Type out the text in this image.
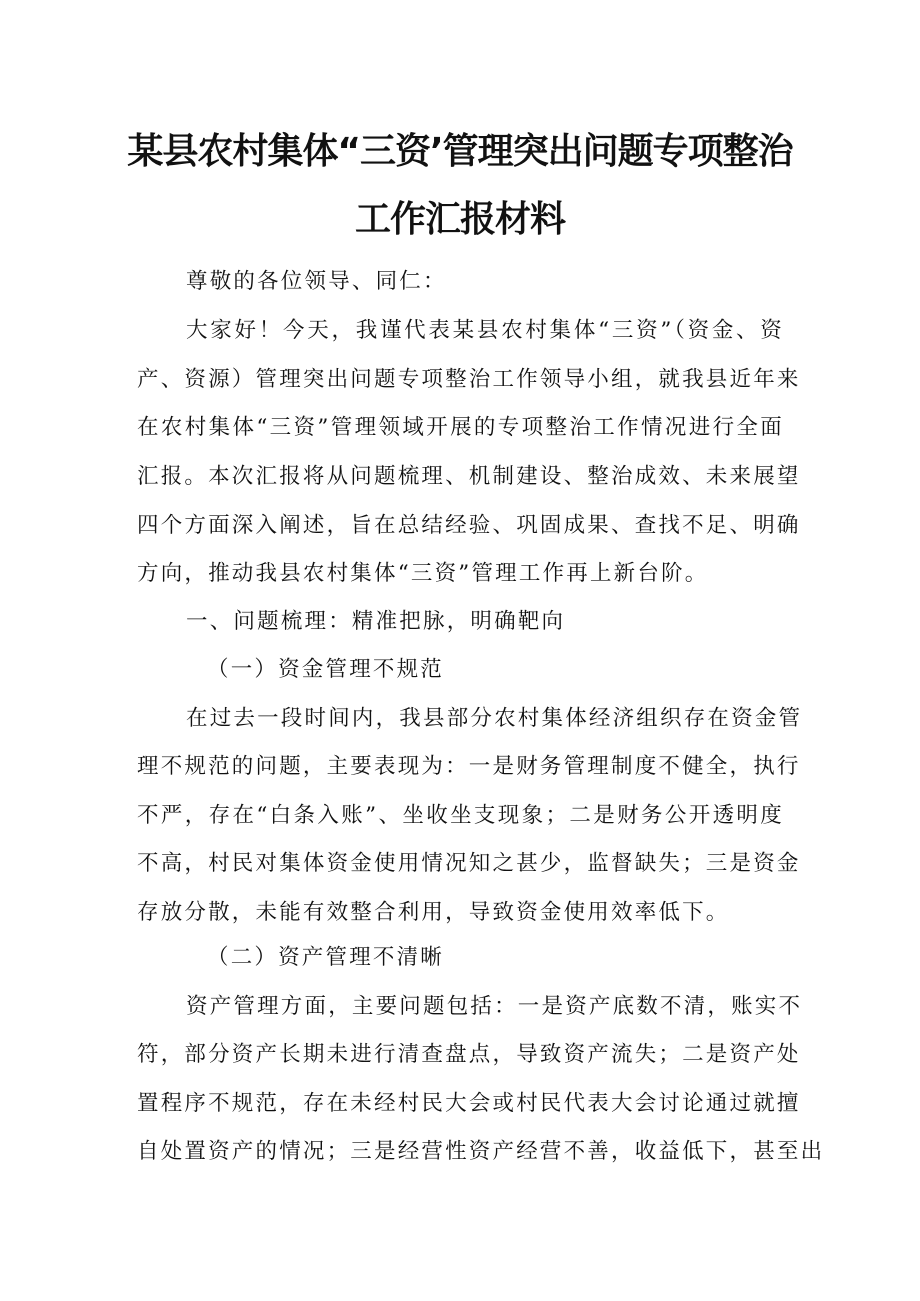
某县农村集体“三资’管理突出问题专项整治
工作汇报材料
尊敬的各位领导、同仁：
大家好！今天，我谨代表某县农村集体“三资”（资金、资
产、资源）管理突出问题专项整治工作领导小组，就我县近年来
在农村集体“三资”管理领域开展的专项整治工作情况进行全面
汇报。本次汇报将从问题梳理、机制建设、整治成效、未来展望
四个方面深入阐述，旨在总结经验、巩固成果、查找不足、明确
方向，推动我县农村集体“三资”管理工作再上新台阶。
一、问题梳理：精准把脉，明确靶向
（一）资金管理不规范
在过去一段时间内，我县部分农村集体经济组织存在资金管
理不规范的问题，主要表现为：一是财务管理制度不健全，执行
不严，存在“白条入账”、坐收坐支现象；二是财务公开透明度
不高，村民对集体资金使用情况知之甚少，监督缺失；三是资金
存放分散，未能有效整合利用，导致资金使用效率低下。
（二）资产管理不清晰
资产管理方面，主要问题包括：一是资产底数不清，账实不
符，部分资产长期未进行清查盘点，导致资产流失；二是资产处
置程序不规范，存在未经村民大会或村民代表大会讨论通过就擅
自处置资产的情况；三是经营性资产经营不善，收益低下，甚至出
